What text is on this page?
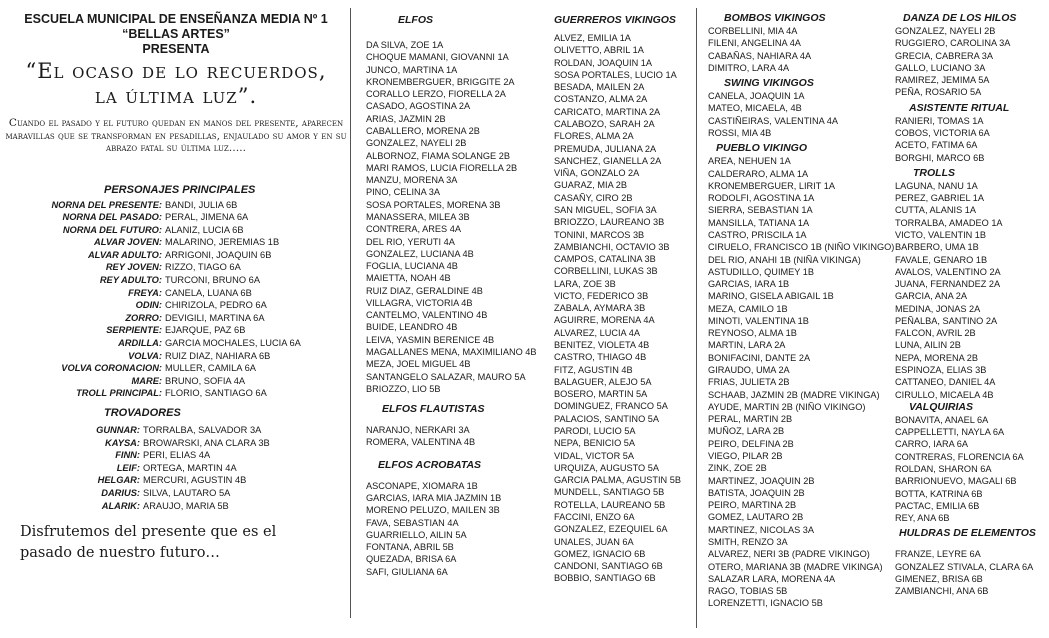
ESCUELA MUNICIPAL DE ENSEÑANZA MEDIA Nº 1
“BELLAS ARTES”
PRESENTA
“El ocaso de lo recuerdos,
la última luz”.
Cuando el pasado y el futuro quedan en manos del presente, aparecen maravillas que se transforman en pesadillas, enjaulado su amor y en su abrazo fatal su última luz…..
PERSONAJES PRINCIPALES
NORNA DEL PRESENTE: BANDI, JULIA 6B
NORNA DEL PASADO: PERAL, JIMENA 6A
NORNA DEL FUTURO: ALANIZ, LUCIA 6B
ALVAR JOVEN: MALARINO, JEREMIAS 1B
ALVAR ADULTO: ARRIGONI, JOAQUIN 6B
REY JOVEN: RIZZO, TIAGO 6A
REY ADULTO: TURCONI, BRUNO 6A
FREYA: CANELA, LUANA 6B
ODIN: CHIRIZOLA, PEDRO 6A
ZORRO: DEVIGILI, MARTINA 6A
SERPIENTE: EJARQUE, PAZ 6B
ARDILLA: GARCIA MOCHALES, LUCIA 6A
VOLVA: RUIZ DIAZ, NAHIARA 6B
VOLVA CORONACION: MULLER, CAMILA 6A
MARE: BRUNO, SOFIA 4A
TROLL PRINCIPAL: FLORIO, SANTIAGO 6A
TROVADORES
GUNNAR: TORRALBA, SALVADOR 3A
KAYSA: BROWARSKI, ANA CLARA 3B
FINN: PERI, ELIAS 4A
LEIF: ORTEGA, MARTIN 4A
HELGAR: MERCURI, AGUSTIN 4B
DARIUS: SILVA, LAUTARO 5A
ALARIK: ARAUJO, MARIA 5B
Disfrutemos del presente que es el
pasado de nuestro futuro…
ELFOS
DA SILVA, ZOE 1A
CHOQUE MAMANI, GIOVANNI 1A
JUNCO, MARTINA 1A
KRONEMBERGUER, BRIGGITE 2A
CORALLO LERZO, FIORELLA 2A
CASADO, AGOSTINA 2A
ARIAS, JAZMIN 2B
CABALLERO, MORENA 2B
GONZALEZ, NAYELI 2B
ALBORNOZ, FIAMA SOLANGE 2B
MARI RAMOS, LUCIA FIORELLA 2B
MANZU, MORENA 3A
PINO, CELINA 3A
SOSA PORTALES, MORENA 3B
MANASSERA, MILEA 3B
CONTRERA, ARES 4A
DEL RIO, YERUTI 4A
GONZALEZ, LUCIANA 4B
FOGLIA, LUCIANA 4B
MAIETTA, NOAH 4B
RUIZ DIAZ, GERALDINE 4B
VILLAGRA, VICTORIA 4B
CANTELMO, VALENTINO 4B
BUIDE, LEANDRO 4B
LEIVA, YASMIN BERENICE 4B
MAGALLANES MENA, MAXIMILIANO 4B
MEZA, JOEL MIGUEL 4B
SANTANGELO SALAZAR, MAURO 5A
BRIOZZO, LIO 5B
ELFOS FLAUTISTAS
NARANJO, NERKARI 3A
ROMERA, VALENTINA 4B
ELFOS ACROBATAS
ASCONAPE, XIOMARA 1B
GARCIAS, IARA MIA JAZMIN 1B
MORENO PELUZO, MAILEN 3B
FAVA, SEBASTIAN 4A
GUARRIELLO, AILIN 5A
FONTANA, ABRIL 5B
QUEZADA, BRISA 6A
SAFI, GIULIANA 6A
GUERREROS VIKINGOS
ALVEZ, EMILIA 1A
OLIVETTO, ABRIL 1A
ROLDAN, JOAQUIN 1A
SOSA PORTALES, LUCIO 1A
BESADA, MAILEN 2A
COSTANZO, ALMA 2A
CARICATO, MARTINA 2A
CALABOZO, SARAH 2A
FLORES, ALMA 2A
PREMUDA, JULIANA 2A
SANCHEZ, GIANELLA 2A
VIÑA, GONZALO 2A
GUARAZ, MIA 2B
CASAÑY, CIRO 2B
SAN MIGUEL, SOFIA 3A
BRIOZZO, LAUREANO 3B
TONINI, MARCOS 3B
ZAMBIANCHI, OCTAVIO 3B
CAMPOS, CATALINA 3B
CORBELLINI, LUKAS 3B
LARA, ZOE 3B
VICTO, FEDERICO 3B
ZABALA, AYMARA 3B
AGUIRRE, MORENA 4A
ALVAREZ, LUCIA 4A
BENITEZ, VIOLETA 4B
CASTRO, THIAGO 4B
FITZ, AGUSTIN 4B
BALAGUER, ALEJO 5A
BOSERO, MARTIN 5A
DOMINGUEZ, FRANCO 5A
PALACIOS, SANTINO 5A
PARODI, LUCIO 5A
NEPA, BENICIO 5A
VIDAL, VICTOR 5A
URQUIZA, AUGUSTO 5A
GARCIA PALMA, AGUSTIN 5B
MUNDELL, SANTIAGO 5B
ROTELLA, LAUREANO 5B
FACCINI, ENZO 6A
GONZALEZ, EZEQUIEL 6A
UNALES, JUAN 6A
GOMEZ, IGNACIO 6B
CANDONI, SANTIAGO 6B
BOBBIO, SANTIAGO 6B
BOMBOS VIKINGOS
CORBELLINI, MIA 4A
FILENI, ANGELINA 4A
CABAÑAS, NAHIARA 4A
DIMITRO, LARA 4A
SWING VIKINGOS
CANELA, JOAQUIN 1A
MATEO, MICAELA, 4B
CASTIÑEIRAS, VALENTINA 4A
ROSSI, MIA 4B
PUEBLO VIKINGO
AREA, NEHUEN 1A
CALDERARO, ALMA 1A
KRONEMBERGUER, LIRIT 1A
RODOLFI, AGOSTINA 1A
SIERRA, SEBASTIAN 1A
MANSILLA, TATIANA 1A
CASTRO, PRISCILA 1A
CIRUELO, FRANCISCO 1B (NIÑO VIKINGO)
DEL RIO, ANAHI 1B (NIÑA VIKINGA)
ASTUDILLO, QUIMEY 1B
GARCIAS, IARA 1B
MARINO, GISELA ABIGAIL 1B
MEZA, CAMILO 1B
MINOTI, VALENTINA 1B
REYNOSO, ALMA 1B
MARTIN, LARA 2A
BONIFACINI, DANTE 2A
GIRAUDO, UMA 2A
FRIAS, JULIETA 2B
SCHAAB, JAZMIN 2B (MADRE VIKINGA)
AYUDE, MARTIN 2B (NIÑO VIKINGO)
PERAL, MARTIN 2B
MUÑOZ, LARA 2B
PEIRO, DELFINA 2B
VIEGO, PILAR 2B
ZINK, ZOE 2B
MARTINEZ, JOAQUIN 2B
BATISTA, JOAQUIN 2B
PEIRO, MARTINA 2B
GOMEZ, LAUTARO 2B
MARTINEZ, NICOLAS 3A
SMITH, RENZO 3A
ALVAREZ, NERI 3B (PADRE VIKINGO)
OTERO, MARIANA 3B (MADRE VIKINGA)
SALAZAR LARA, MORENA 4A
RAGO, TOBIAS 5B
LORENZETTI, IGNACIO 5B
DANZA DE LOS HILOS
GONZALEZ, NAYELI 2B
RUGGIERO, CAROLINA 3A
GRECIA, CABRERA 3A
GALLO, LUCIANO 3A
RAMIREZ, JEMIMA 5A
PEÑA, ROSARIO 5A
ASISTENTE RITUAL
RANIERI, TOMAS 1A
COBOS, VICTORIA 6A
ACETO, FATIMA 6A
BORGHI, MARCO 6B
TROLLS
LAGUNA, NANU 1A
PEREZ, GABRIEL 1A
CUTTA, ALANIS 1A
TORRALBA, AMADEO 1A
VICTO, VALENTIN 1B
BARBERO, UMA 1B
FAVALE, GENARO 1B
AVALOS, VALENTINO 2A
JUANA, FERNANDEZ 2A
GARCIA, ANA 2A
MEDINA, JONAS 2A
PEÑALBA, SANTINO 2A
FALCON, AVRIL 2B
LUNA, AILIN 2B
NEPA, MORENA 2B
ESPINOZA, ELIAS 3B
CATTANEO, DANIEL 4A
CIRULLO, MICAELA 4B
VALQUIRIAS
BONAVITA, ANAEL 6A
CAPPELLETTI, NAYLA 6A
CARRO, IARA 6A
CONTRERAS, FLORENCIA 6A
ROLDAN, SHARON 6A
BARRIONUEVO, MAGALI 6B
BOTTA, KATRINA 6B
PACTAC, EMILIA 6B
REY, ANA 6B
HULDRAS DE ELEMENTOS
FRANZE, LEYRE 6A
GONZALEZ STIVALA, CLARA 6A
GIMENEZ, BRISA 6B
ZAMBIANCHI, ANA 6B
